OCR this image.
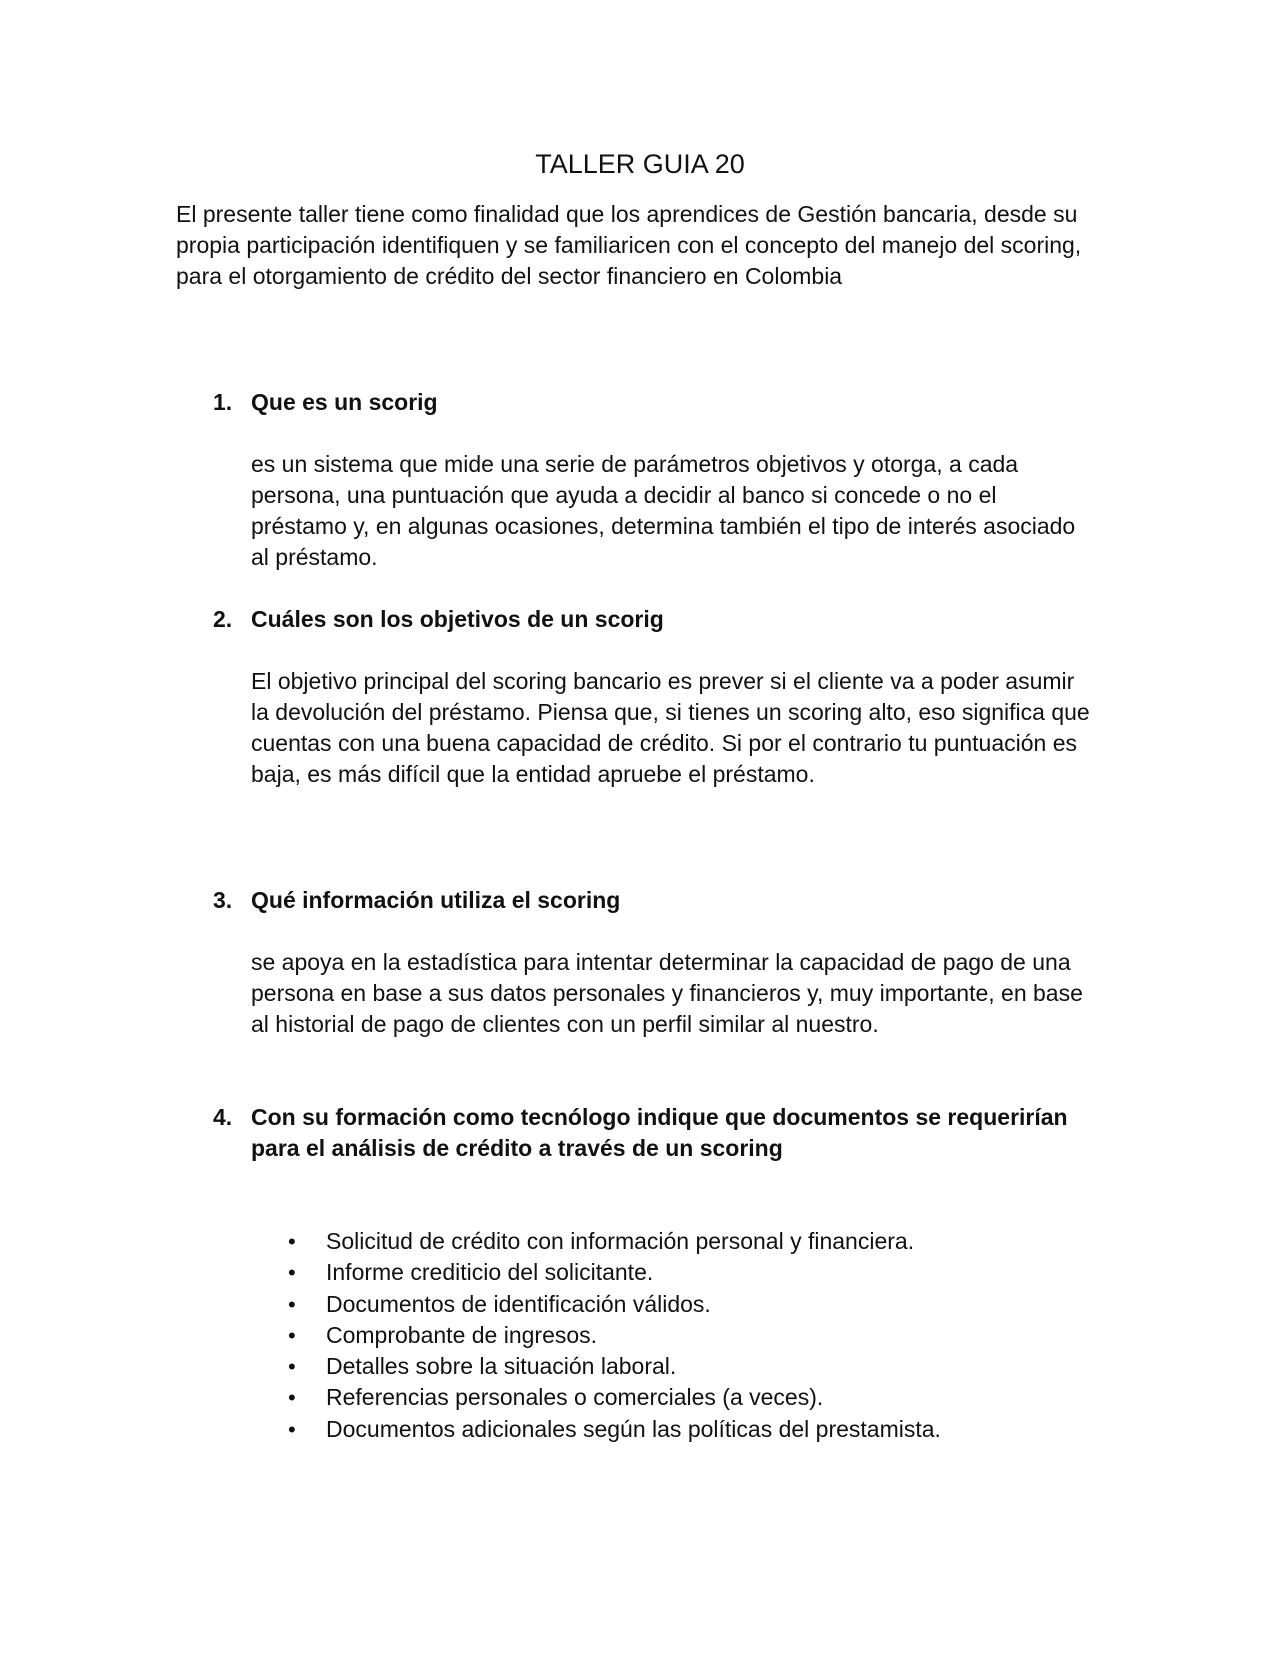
TALLER GUIA 20

El presente taller tiene como finalidad que los aprendices de Gestión bancaria, desde su propia participación identifiquen y se familiaricen con el concepto del manejo del scoring, para el otorgamiento de crédito del sector financiero en Colombia

1. Que es un scorig
es un sistema que mide una serie de parámetros objetivos y otorga, a cada persona, una puntuación que ayuda a decidir al banco si concede o no el préstamo y, en algunas ocasiones, determina también el tipo de interés asociado al préstamo.
2. Cuáles son los objetivos de un scorig
El objetivo principal del scoring bancario es prever si el cliente va a poder asumir la devolución del préstamo. Piensa que, si tienes un scoring alto, eso significa que cuentas con una buena capacidad de crédito. Si por el contrario tu puntuación es baja, es más difícil que la entidad apruebe el préstamo.
3. Qué información utiliza el scoring
se apoya en la estadística para intentar determinar la capacidad de pago de una persona en base a sus datos personales y financieros y, muy importante, en base al historial de pago de clientes con un perfil similar al nuestro.
4. Con su formación como tecnólogo indique que documentos se requerirían para el análisis de crédito a través de un scoring
•	Solicitud de crédito con información personal y financiera.
•	Informe crediticio del solicitante.
•	Documentos de identificación válidos.
•	Comprobante de ingresos.
•	Detalles sobre la situación laboral.
•	Referencias personales o comerciales (a veces).
•	Documentos adicionales según las políticas del prestamista.
